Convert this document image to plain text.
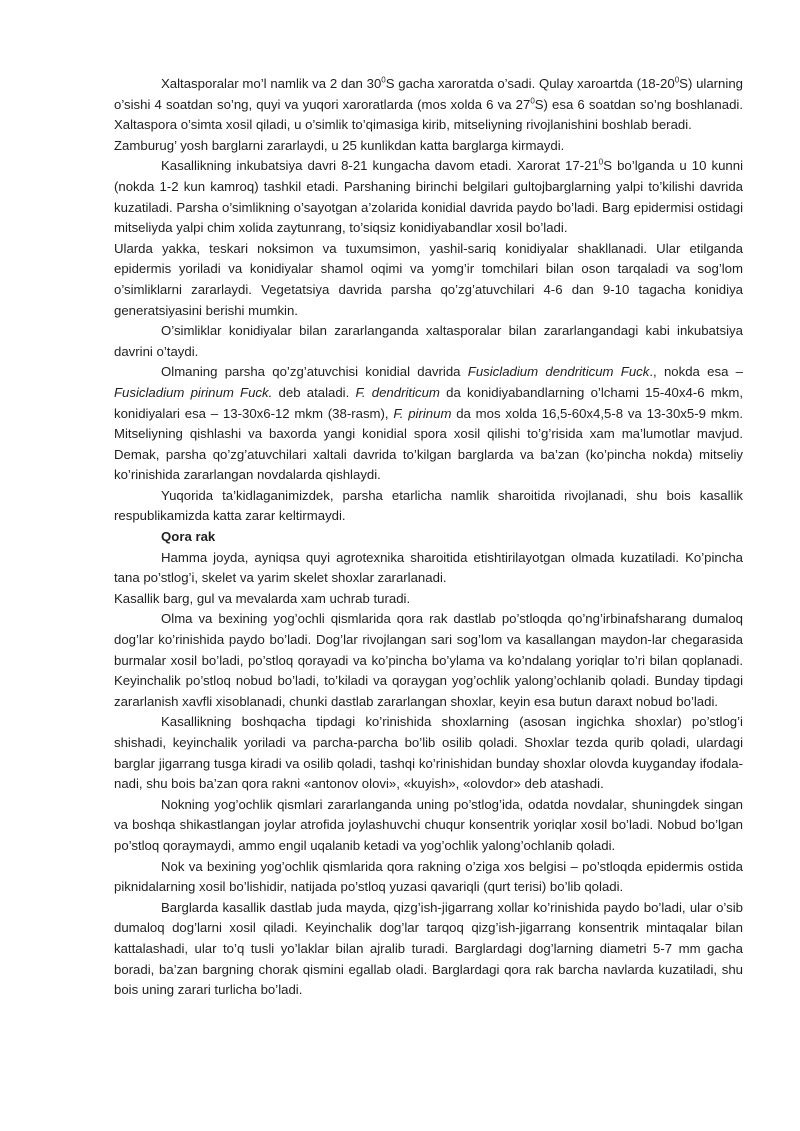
Xaltasporalar mo’l namlik va 2 dan $30^0S$ gacha xaroratda o’sadi. Qulay xaroartda $(18-20^0S)$ ularning o’sishi 4 soatdan so’ng, quyi va yuqori xaroratlarda (mos xolda 6 va $27^0S$) esa 6 soatdan so’ng boshlanadi. Xaltaspora o’simta xosil qiladi, u o’simlik to’qimasiga kirib, mitseliyning rivojlanishini boshlab beradi.

Zamburug’ yosh barglarni zararlaydi, u 25 kunlikdan katta barglarga kirmaydi.

Kasallikning inkubatsiya davri 8-21 kungacha davom etadi. Xarorat $17-21^0S$ bo’lganda u 10 kunni (nokda 1-2 kun kamroq) tashkil etadi. Parshaning birinchi belgilari gultojbarglarning yalpi to’kilishi davrida kuzatiladi. Parsha o’simlikning o’sayotgan a’zolarida konidial davrida paydo bo’ladi. Barg epidermisi ostidagi mitseliyda yalpi chim xolida zaytunrang, to’siqsiz konidiyabandlar xosil bo’ladi.

Ularda yakka, teskari noksimon va tuxumsimon, yashil-sariq konidiyalar shakllanadi. Ular etilganda epidermis yoriladi va konidiyalar shamol oqimi va yomg’ir tomchilari bilan oson tarqaladi va sog’lom o’simliklarni zararlaydi. Vegetatsiya davrida parsha qo’zg’atuvchilari 4-6 dan 9-10 tagacha konidiya generatsiyasini berishi mumkin.

O’simliklar konidiyalar bilan zararlanganda xaltasporalar bilan zararlangandagi kabi inkubatsiya davrini o’taydi.

Olmaning parsha qo’zg’atuvchisi konidial davrida Fusicladium dendriticum Fuck., nokda esa – Fusicladium pirinum Fuck. deb ataladi. F. dendriticum da konidiyabandlarning o’lchami 15-40x4-6 mkm, konidiyalari esa – 13-30x6-12 mkm (38-rasm), F. pirinum da mos xolda 16,5-60x4,5-8 va 13-30x5-9 mkm. Mitseliyning qishlashi va baxorda yangi konidial spora xosil qilishi to’g’risida xam ma’lumotlar mavjud. Demak, parsha qo’zg’atuvchilari xaltali davrida to’kilgan barglarda va ba’zan (ko’pincha nokda) mitseliy ko’rinishida zararlangan novdalarda qishlaydi.

Yuqorida ta’kidlaganimizdek, parsha etarlicha namlik sharoitida rivojlanadi, shu bois kasallik respublikamizda katta zarar keltirmaydi.

Qora rak

Hamma joyda, ayniqsa quyi agrotexnika sharoitida etishtirilayotgan olmada kuzatiladi. Ko’pincha tana po’stlog’i, skelet va yarim skelet shoxlar zararlanadi.

Kasallik barg, gul va mevalarda xam uchrab turadi.

Olma va bexining yog’ochli qismlarida qora rak dastlab po’stloqda qo’ng’irbinafsharang dumaloq dog’lar ko’rinishida paydo bo’ladi. Dog’lar rivojlangan sari sog’lom va kasallangan maydon-lar chegarasida burmalar xosil bo’ladi, po’stloq qorayadi va ko’pincha bo’ylama va ko’ndalang yoriqlar to’ri bilan qoplanadi. Keyinchalik po’stloq nobud bo’ladi, to’kiladi va qoraygan yog’ochlik yalong’ochlanib qoladi. Bunday tipdagi zararlanish xavfli xisoblanadi, chunki dastlab zararlangan shoxlar, keyin esa butun daraxt nobud bo’ladi.

Kasallikning boshqacha tipdagi ko’rinishida shoxlarning (asosan ingichka shoxlar) po’stlog’i shishadi, keyinchalik yoriladi va parcha-parcha bo’lib osilib qoladi. Shoxlar tezda qurib qoladi, ulardagi barglar jigarrang tusga kiradi va osilib qoladi, tashqi ko’rinishidan bunday shoxlar olovda kuyganday ifodala-nadi, shu bois ba’zan qora rakni «antonov olovi», «kuyish», «olovdor» deb atashadi.

Nokning yog’ochlik qismlari zararlanganda uning po’stlog’ida, odatda novdalar, shuningdek singan va boshqa shikastlangan joylar atrofida joylashuvchi chuqur konsentrik yoriqlar xosil bo’ladi. Nobud bo’lgan po’stloq qoraymaydi, ammo engil uqalanib ketadi va yog’ochlik yalong’ochlanib qoladi.

Nok va bexining yog’ochlik qismlarida qora rakning o’ziga xos belgisi – po’stloqda epidermis ostida piknidalarning xosil bo’lishidir, natijada po’stloq yuzasi qavariqli (qurt terisi) bo’lib qoladi.

Barglarda kasallik dastlab juda mayda, qizg’ish-jigarrang xollar ko’rinishida paydo bo’ladi, ular o’sib dumaloq dog’larni xosil qiladi. Keyinchalik dog’lar tarqoq qizg’ish-jigarrang konsentrik mintaqalar bilan kattalashadi, ular to’q tusli yo’laklar bilan ajralib turadi. Barglardagi dog’larning diametri 5-7 mm gacha boradi, ba’zan bargning chorak qismini egallab oladi. Barglardagi qora rak barcha navlarda kuzatiladi, shu bois uning zarari turlicha bo’ladi.
